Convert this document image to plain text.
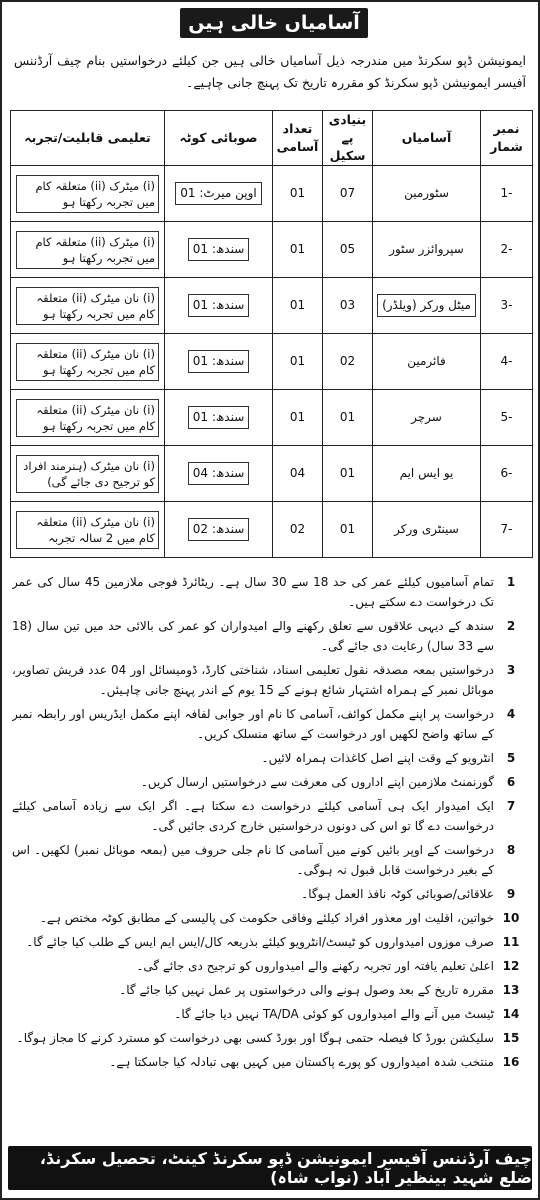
آسامیاں خالی ہیں
ایمونیشن ڈپو سکرنڈ میں مندرجہ ذیل آسامیاں خالی ہیں جن کیلئے درخواستیں بنام چیف آرڈننس آفیسر ایمونیشن ڈپو سکرنڈ کو مقررہ تاریخ تک پہنچ جانی چاہیے۔
نمبر شمار	آسامیاں	بنیادی پے سکیل	تعداد آسامی	صوبائی کوٹہ	تعلیمی قابلیت/تجربہ
1-	سٹورمین	07	01	اوپن میرٹ: 01	(i) میٹرک (ii) متعلقہ کام میں تجربہ رکھتا ہو

2-	سپروائزر سٹور	05	01	سندھ: 01	(i) میٹرک (ii) متعلقہ کام میں تجربہ رکھتا ہو

3-	میٹل ورکر (ویلڈر)	03	01	سندھ: 01	(i) نان میٹرک (ii) متعلقہ کام میں تجربہ رکھتا ہو

4-	فائرمین	02	01	سندھ: 01	(i) نان میٹرک (ii) متعلقہ کام میں تجربہ رکھتا ہو

5-	سرچر	01	01	سندھ: 01	(i) نان میٹرک (ii) متعلقہ کام میں تجربہ رکھتا ہو

6-	یو ایس ایم	01	04	سندھ: 04	(i) نان میٹرک (ہنرمند افراد کو ترجیح دی جائے گی)

7-	سینٹری ورکر	01	02	سندھ: 02	(i) نان میٹرک (ii) متعلقہ کام میں 2 سالہ تجربہ
1
تمام آسامیوں کیلئے عمر کی حد 18 سے 30 سال ہے۔ ریٹائرڈ فوجی ملازمین 45 سال کی عمر تک درخواست دے سکتے ہیں۔
2
سندھ کے دیہی علاقوں سے تعلق رکھنے والے امیدواران کو عمر کی بالائی حد میں تین سال (18 سے 33 سال) رعایت دی جائے گی۔
3
درخواستیں بمعہ مصدقہ نقول تعلیمی اسناد، شناختی کارڈ، ڈومیسائل اور 04 عدد فریش تصاویر، موبائل نمبر کے ہمراہ اشتہار شائع ہونے کے 15 یوم کے اندر پہنچ جانی چاہیئں۔
4
درخواست پر اپنے مکمل کوائف، آسامی کا نام اور جوابی لفافہ اپنے مکمل ایڈریس اور رابطہ نمبر کے ساتھ واضح لکھیں اور درخواست کے ساتھ منسلک کریں۔
5
انٹرویو کے وقت اپنے اصل کاغذات ہمراہ لائیں۔
6
گورنمنٹ ملازمین اپنے اداروں کی معرفت سے درخواستیں ارسال کریں۔
7
ایک امیدوار ایک ہی آسامی کیلئے درخواست دے سکتا ہے۔ اگر ایک سے زیادہ آسامی کیلئے درخواست دے گا تو اس کی دونوں درخواستیں خارج کردی جائیں گی۔
8
درخواست کے اوپر بائیں کونے میں آسامی کا نام جلی حروف میں (بمعہ موبائل نمبر) لکھیں۔ اس کے بغیر درخواست قابل قبول نہ ہوگی۔
9
علاقائی/صوبائی کوٹہ نافذ العمل ہوگا۔
10
خواتین، اقلیت اور معذور افراد کیلئے وفاقی حکومت کی پالیسی کے مطابق کوٹہ مختص ہے۔
11
صرف موزوں امیدواروں کو ٹیسٹ/انٹرویو کیلئے بذریعہ کال/ایس ایم ایس کے طلب کیا جائے گا۔
12
اعلیٰ تعلیم یافتہ اور تجربہ رکھنے والے امیدواروں کو ترجیح دی جائے گی۔
13
مقررہ تاریخ کے بعد وصول ہونے والی درخواستوں پر عمل نہیں کیا جائے گا۔
14
ٹیسٹ میں آنے والے امیدواروں کو کوئی TA/DA نہیں دیا جائے گا۔
15
سلیکشن بورڈ کا فیصلہ حتمی ہوگا اور بورڈ کسی بھی درخواست کو مسترد کرنے کا مجاز ہوگا۔
16
منتخب شدہ امیدواروں کو پورے پاکستان میں کہیں بھی تبادلہ کیا جاسکتا ہے۔
چیف آرڈننس آفیسر ایمونیشن ڈپو سکرنڈ کینٹ، تحصیل سکرنڈ، ضلع شہید بینظیر آباد (نواب شاہ)
